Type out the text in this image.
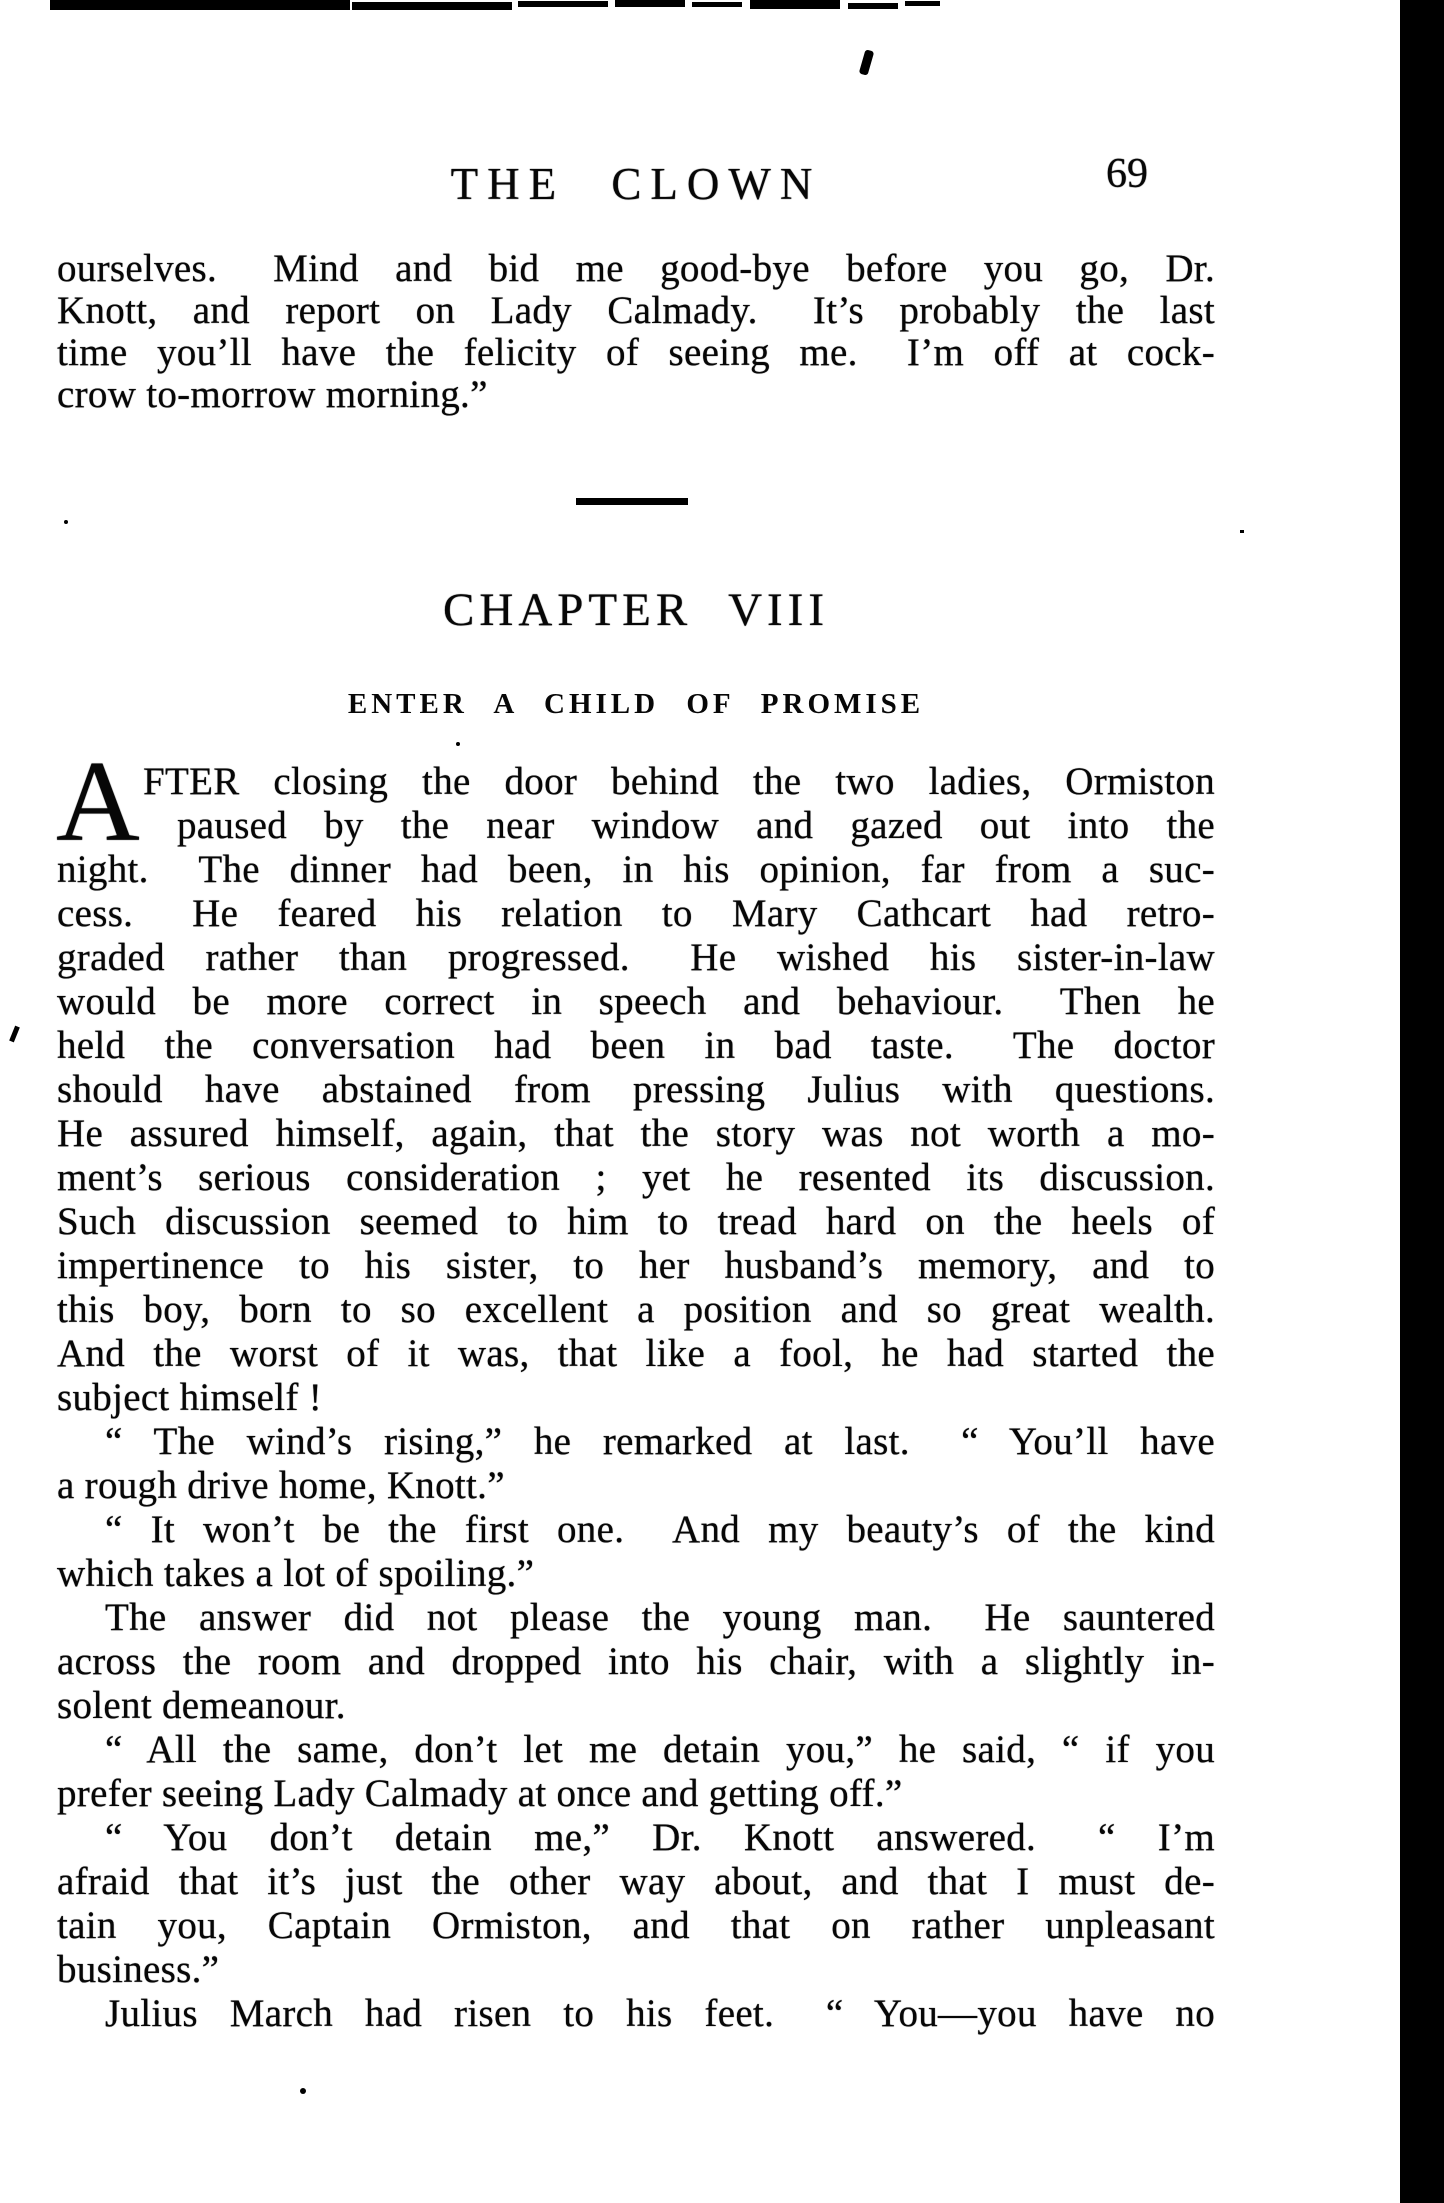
THE CLOWN	69
ourselves.  Mind and bid me good-bye before you go, Dr.
Knott, and report on Lady Calmady.  It’s probably the last
time you’ll have the felicity of seeing me.  I’m off at cock-
crow to-morrow morning.”
CHAPTER VIII
ENTER A CHILD OF PROMISE
A FTER closing the door behind the two ladies, Ormiston
paused by the near window and gazed out into the
night.  The dinner had been, in his opinion, far from a suc-
cess.  He feared his relation to Mary Cathcart had retro-
graded rather than progressed.  He wished his sister-in-law
would be more correct in speech and behaviour.  Then he
held the conversation had been in bad taste.  The doctor
should have abstained from pressing Julius with questions.
He assured himself, again, that the story was not worth a mo-
ment’s serious consideration ; yet he resented its discussion.
Such discussion seemed to him to tread hard on the heels of
impertinence to his sister, to her husband’s memory, and to
this boy, born to so excellent a position and so great wealth.
And the worst of it was, that like a fool, he had started the
subject himself !
“ The wind’s rising,” he remarked at last.  “ You’ll have
a rough drive home, Knott.”
“ It won’t be the first one.  And my beauty’s of the kind
which takes a lot of spoiling.”
The answer did not please the young man.  He sauntered
across the room and dropped into his chair, with a slightly in-
solent demeanour.
“ All the same, don’t let me detain you,” he said, “ if you
prefer seeing Lady Calmady at once and getting off.”
“ You don’t detain me,” Dr. Knott answered.  “ I’m
afraid that it’s just the other way about, and that I must de-
tain you, Captain Ormiston, and that on rather unpleasant
business.”
Julius March had risen to his feet.  “ You—you have no
